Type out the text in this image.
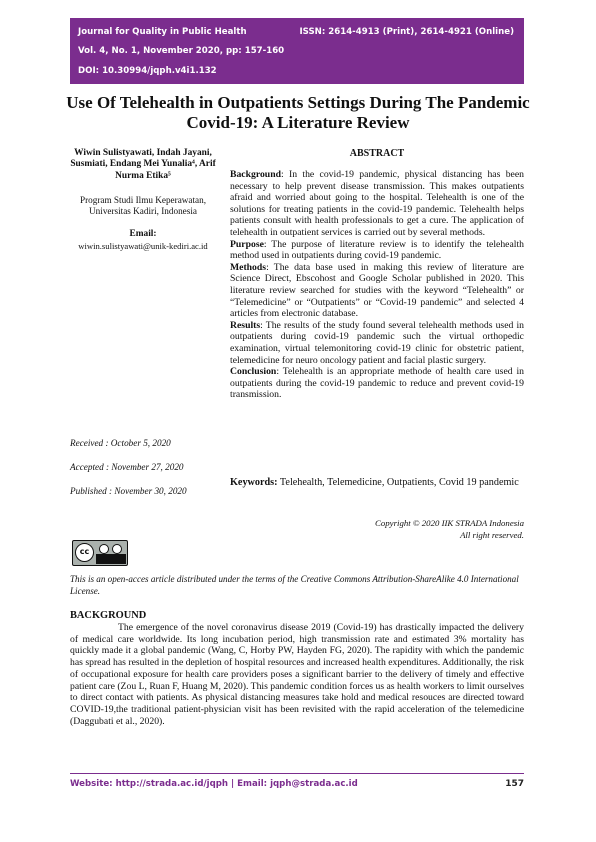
Journal for Quality in Public Health	ISSN: 2614-4913 (Print), 2614-4921 (Online)
Vol. 4, No. 1, November 2020, pp: 157-160
DOI: 10.30994/jqph.v4i1.132
Use Of Telehealth in Outpatients Settings During The Pandemic Covid-19: A Literature Review
Wiwin Sulistyawati, Indah Jayani, Susmiati, Endang Mei Yunalia⁴, Arif Nurma Etika⁵
Program Studi Ilmu Keperawatan, Universitas Kadiri, Indonesia
Email:
wiwin.sulistyawati@unik-kediri.ac.id
Received : October 5, 2020
Accepted : November 27, 2020
Published : November 30, 2020
ABSTRACT

Background: In the covid-19 pandemic, physical distancing has been necessary to help prevent disease transmission. This makes outpatients afraid and worried about going to the hospital. Telehealth is one of the solutions for treating patients in the covid-19 pandemic. Telehealth helps patients consult with health professionals to get a cure. The application of telehealth in outpatient services is carried out by several methods.

Purpose: The purpose of literature review is to identify the telehealth method used in outpatients during covid-19 pandemic.

Methods: The data base used in making this review of literature are Science Direct, Ebscohost and Google Scholar published in 2020. This literature review searched for studies with the keyword “Telehealth” or “Telemedicine” or “Outpatients” or “Covid-19 pandemic” and selected 4 articles from electronic database.

Results: The results of the study found several telehealth methods used in outpatients during covid-19 pandemic such the virtual orthopedic examination, virtual telemonitoring covid-19 clinic for obstetric patient, telemedicine for neuro oncology patient and facial plastic surgery.

Conclusion: Telehealth is an appropriate methode of health care used in outpatients during the covid-19 pandemic to reduce and prevent covid-19 transmission.

Keywords: Telehealth, Telemedicine, Outpatients, Covid 19 pandemic
Copyright © 2020 IIK STRADA Indonesia
All right reserved.
cc
This is an open-acces article distributed under the terms of the Creative Commons Attribution-ShareAlike 4.0 International License.
BACKGROUND

The emergence of the novel coronavirus disease 2019 (Covid-19) has drastically impacted the delivery of medical care worldwide. Its long incubation period, high transmission rate and estimated 3% mortality has quickly made it a global pandemic (Wang, C, Horby PW, Hayden FG, 2020). The rapidity with which the pandemic has spread has resulted in the depletion of hospital resources and increased health expenditures. Additionally, the risk of occupational exposure for health care providers poses a significant barrier to the delivery of timely and effective patient care (Zou L, Ruan F, Huang M, 2020). This pandemic condition forces us as health workers to limit ourselves to direct contact with patients. As physical distancing measures take hold and medical resouces are directed toward COVID-19,the traditional patient-physician visit has been revisited with the rapid acceleration of the telemedicine (Daggubati et al., 2020).

Website: http://strada.ac.id/jqph | Email: jqph@strada.ac.id	157
